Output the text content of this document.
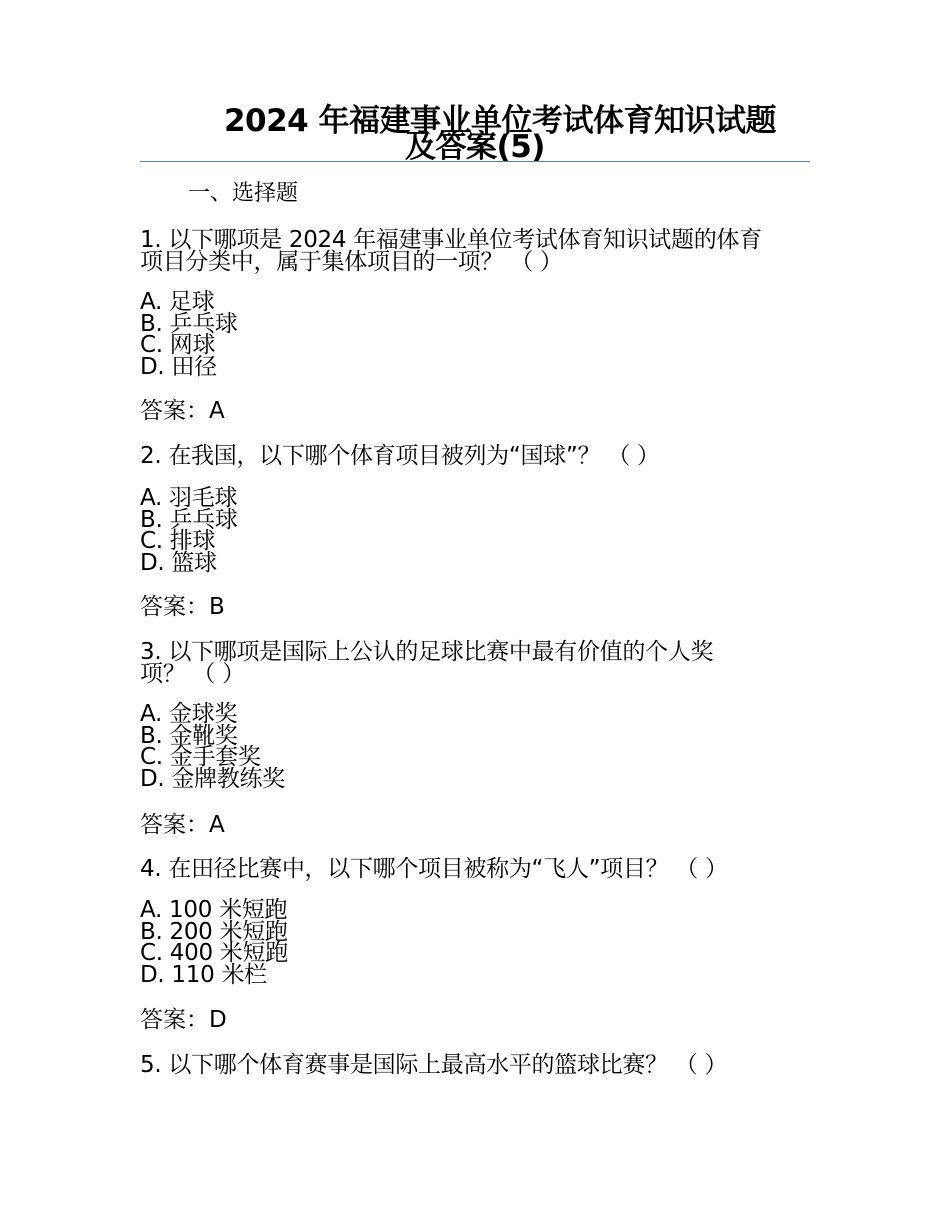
2024 年福建事业单位考试体育知识试题
及答案(5)
一、选择题
1. 以下哪项是 2024 年福建事业单位考试体育知识试题的体育
项目分类中，属于集体项目的一项？ （ ）
A. 足球
B. 乒乓球
C. 网球
D. 田径
答案：A
2. 在我国，以下哪个体育项目被列为“国球”？ （ ）
A. 羽毛球
B. 乒乓球
C. 排球
D. 篮球
答案：B
3. 以下哪项是国际上公认的足球比赛中最有价值的个人奖
项？ （ ）
A. 金球奖
B. 金靴奖
C. 金手套奖
D. 金牌教练奖
答案：A
4. 在田径比赛中，以下哪个项目被称为“飞人”项目？ （ ）
A. 100 米短跑
B. 200 米短跑
C. 400 米短跑
D. 110 米栏
答案：D
5. 以下哪个体育赛事是国际上最高水平的篮球比赛？ （ ）
